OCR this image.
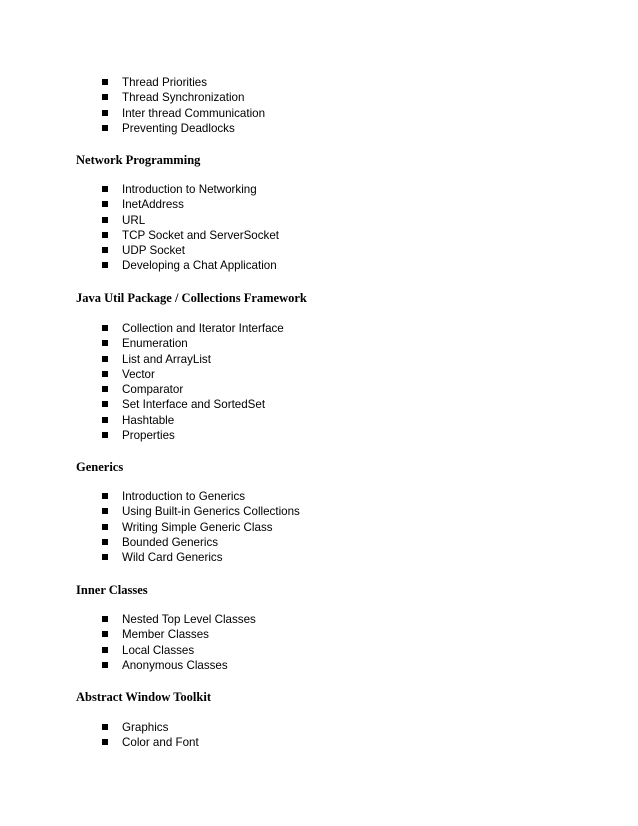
Thread Priorities
Thread Synchronization
Inter thread Communication
Preventing Deadlocks
Network Programming
Introduction to Networking
InetAddress
URL
TCP Socket and ServerSocket
UDP Socket
Developing a Chat Application
Java Util Package / Collections Framework
Collection and Iterator Interface
Enumeration
List and ArrayList
Vector
Comparator
Set Interface and SortedSet
Hashtable
Properties
Generics
Introduction to Generics
Using Built-in Generics Collections
Writing Simple Generic Class
Bounded Generics
Wild Card Generics
Inner Classes
Nested Top Level Classes
Member Classes
Local Classes
Anonymous Classes
Abstract Window Toolkit
Graphics
Color and Font
